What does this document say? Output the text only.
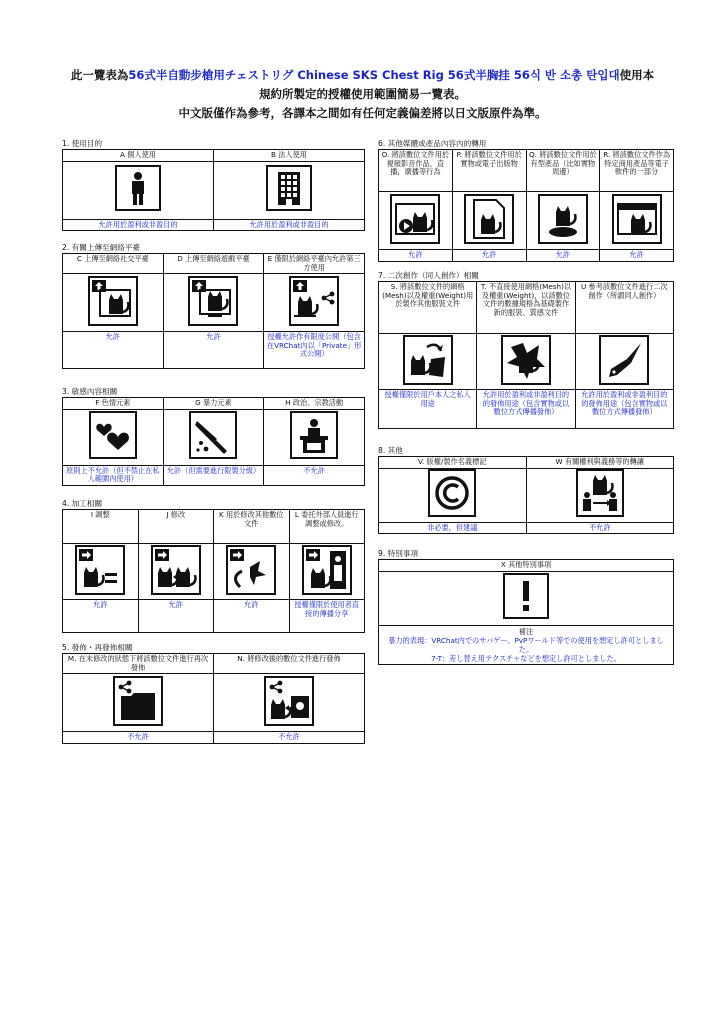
此一覽表為56式半自動步槍用チェストリグ Chinese SKS Chest Rig 56式半胸挂 56식 반 소총 탄입대使用本
規約所製定的授權使用範圍簡易一覽表。
中文版僅作為參考，各譯本之間如有任何定義偏差將以日文版原件為準。
1. 使用目的
A 個人使用	B 法人使用

允許用於盈利或非盈目的	允許用於盈利或非盈目的
2. 有關上傳至網絡平臺
C 上傳至網絡社交平臺	D 上傳至網絡遊戲平臺	E 僅限於網絡平臺內允許第三方使用

允許	允許	授權允許作有限度公開（包含在VRChat內以「Private」形式公開）
3. 敏感內容相關
F 色情元素	G 暴力元素	H 政治、宗教活動

原則上不允許（但不禁止在私人範圍內使用）	允許（但需要進行限製分級）	不允許
4. 加工相關
I 調整	J 修改	K 用於修改其他數位文件	L 委托外部人員進行調整或修改。

允許	允許	允許	授權僅限於使用者直接的傳播分享
5. 發佈・再發佈相關
M. 在未修改的狀態下將該數位文件進行再次發佈	N. 將修改後的數位文件進行發佈

不允許	不允許
6. 其他媒體或產品內容內的轉用
O. 將該數位文件用於視頻影音作品，直播，廣播等行為	P. 將該數位文件用於實物或電子出版物	Q. 將該數位文件用於有型產品（比如實物周邊）	R. 將該數位文件作為特定商用產品等電子軟件的一部分

允許	允許	允許	允許
7. 二次創作（同人創作）相關
S. 將該數位文件的網格(Mesh)以及權重(Weight)用於製作其他服裝文件	T. 不直接使用網格(Mesh)以及權重(Weight)，以該數位文件的數據規格為基礎製作新的服裝、質感文件	U 參考該數位文件進行二次創作（所謂同人創作）

授權僅限於用戶本人之私人用途	允許用於盈利或非盈利目的的發佈用途（包含實物或以數位方式傳播發佈）	允許用於盈利或非盈利目的的發佈用途（包含實物或以數位方式傳播發佈）
8. 其他
V. 版權/製作名義標記	W 有關權利與義務等的轉讓

非必要，但建議	不允許
9. 特別事項
X 其他特別事項

補注
暴力的表現：VRChat内でのサバゲー、PvPワールド等での使用を想定し許可としました。
7-T：差し替え用テクスチャなどを想定し許可としました。
